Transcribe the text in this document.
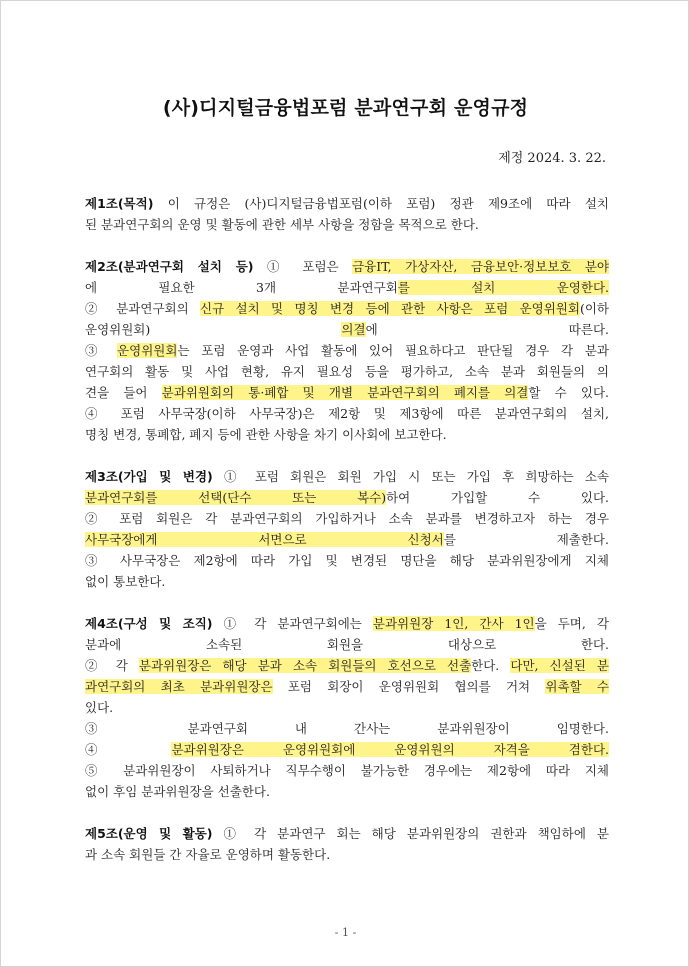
(사)디지털금융법포럼 분과연구회 운영규정
제정 2024. 3. 22.
제1조(목적) 이 규정은 (사)디지털금융법포럼(이하 포럼) 정관 제9조에 따라 설치
된 분과연구회의 운영 및 활동에 관한 세부 사항을 정함을 목적으로 한다.
제2조(분과연구회 설치 등) ① 포럼은 금융IT, 가상자산, 금융보안·정보보호 분야
에 필요한 3개 분과연구회를 설치 운영한다.
② 분과연구회의 신규 설치 및 명칭 변경 등에 관한 사항은 포럼 운영위원회(이하
운영위원회) 의결에 따른다.
③ 운영위원회는 포럼 운영과 사업 활동에 있어 필요하다고 판단될 경우 각 분과
연구회의 활동 및 사업 현황, 유지 필요성 등을 평가하고, 소속 분과 회원들의 의
견을 들어 분과위원회의 통·폐합 및 개별 분과연구회의 폐지를 의결할 수 있다.
④ 포럼 사무국장(이하 사무국장)은 제2항 및 제3항에 따른 분과연구회의 설치,
명칭 변경, 통폐합, 폐지 등에 관한 사항을 차기 이사회에 보고한다.
제3조(가입 및 변경) ① 포럼 회원은 회원 가입 시 또는 가입 후 희망하는 소속
분과연구회를 선택(단수 또는 복수)하여 가입할 수 있다.
② 포럼 회원은 각 분과연구회의 가입하거나 소속 분과를 변경하고자 하는 경우
사무국장에게 서면으로 신청서를 제출한다.
③ 사무국장은 제2항에 따라 가입 및 변경된 명단을 해당 분과위원장에게 지체
없이 통보한다.
제4조(구성 및 조직) ① 각 분과연구회에는 분과위원장 1인, 간사 1인을 두며, 각
분과에 소속된 회원을 대상으로 한다.
② 각 분과위원장은 해당 분과 소속 회원들의 호선으로 선출한다. 다만, 신설된 분
과연구회의 최초 분과위원장은 포럼 회장이 운영위원회 협의를 거쳐 위촉할 수
있다.
③ 분과연구회 내 간사는 분과위원장이 임명한다.
④ 분과위원장은 운영위원회에 운영위원의 자격을 겸한다.
⑤ 분과위원장이 사퇴하거나 직무수행이 불가능한 경우에는 제2항에 따라 지체
없이 후임 분과위원장을 선출한다.
제5조(운영 및 활동) ① 각 분과연구 회는 해당 분과위원장의 권한과 책임하에 분
과 소속 회원들 간 자율로 운영하며 활동한다.
- 1 -
